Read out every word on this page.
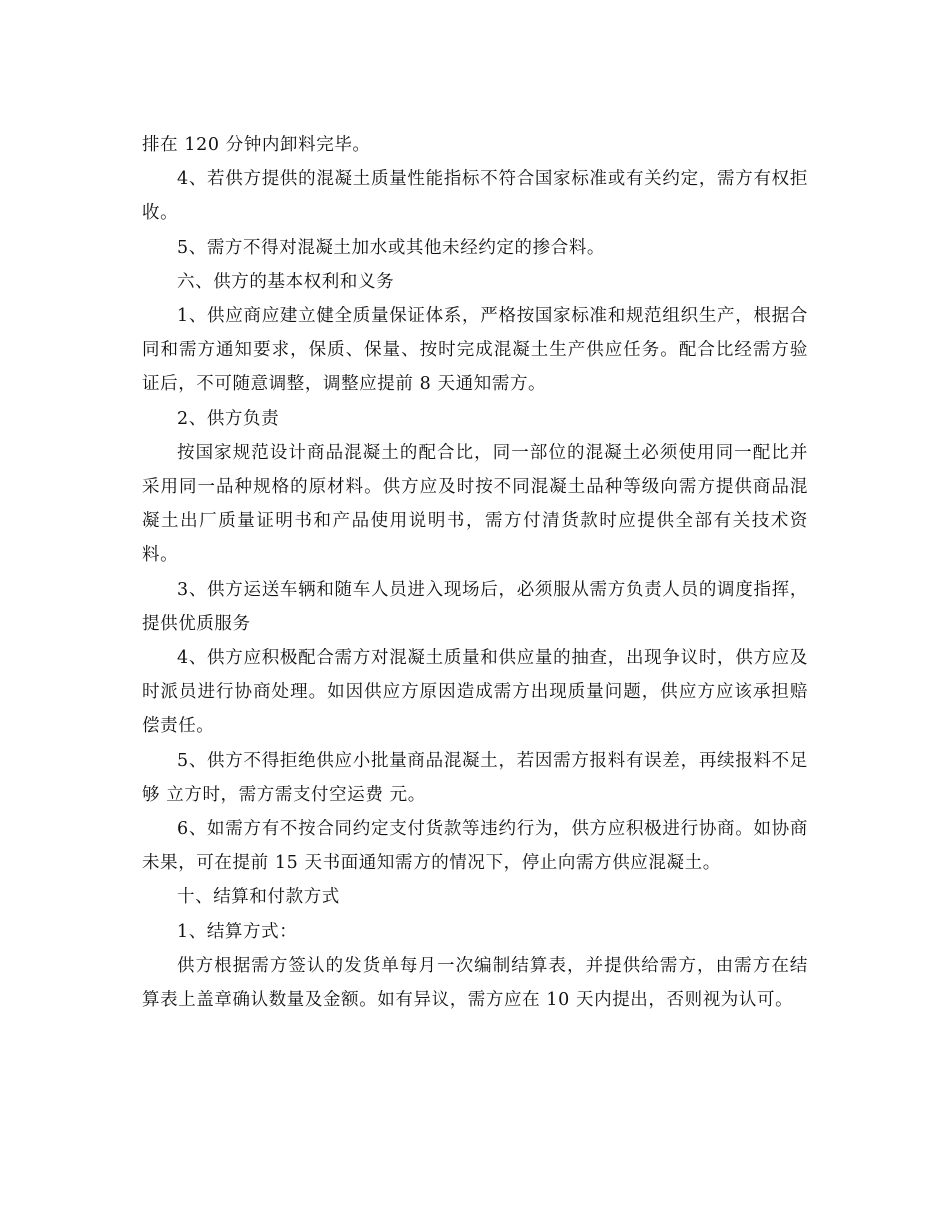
排在 120 分钟内卸料完毕。

4、若供方提供的混凝土质量性能指标不符合国家标准或有关约定，需方有权拒收。

5、需方不得对混凝土加水或其他未经约定的掺合料。

六、供方的基本权利和义务

1、供应商应建立健全质量保证体系，严格按国家标准和规范组织生产，根据合同和需方通知要求，保质、保量、按时完成混凝土生产供应任务。配合比经需方验证后，不可随意调整，调整应提前 8 天通知需方。

2、供方负责

按国家规范设计商品混凝土的配合比，同一部位的混凝土必须使用同一配比并采用同一品种规格的原材料。供方应及时按不同混凝土品种等级向需方提供商品混凝土出厂质量证明书和产品使用说明书，需方付清货款时应提供全部有关技术资料。

3、供方运送车辆和随车人员进入现场后，必须服从需方负责人员的调度指挥，提供优质服务

4、供方应积极配合需方对混凝土质量和供应量的抽查，出现争议时，供方应及时派员进行协商处理。如因供应方原因造成需方出现质量问题，供应方应该承担赔偿责任。

5、供方不得拒绝供应小批量商品混凝土，若因需方报料有误差，再续报料不足够 立方时，需方需支付空运费 元。

6、如需方有不按合同约定支付货款等违约行为，供方应积极进行协商。如协商未果，可在提前 15 天书面通知需方的情况下，停止向需方供应混凝土。

十、结算和付款方式

1、结算方式：

供方根据需方签认的发货单每月一次编制结算表，并提供给需方，由需方在结算表上盖章确认数量及金额。如有异议，需方应在 10 天内提出，否则视为认可。
